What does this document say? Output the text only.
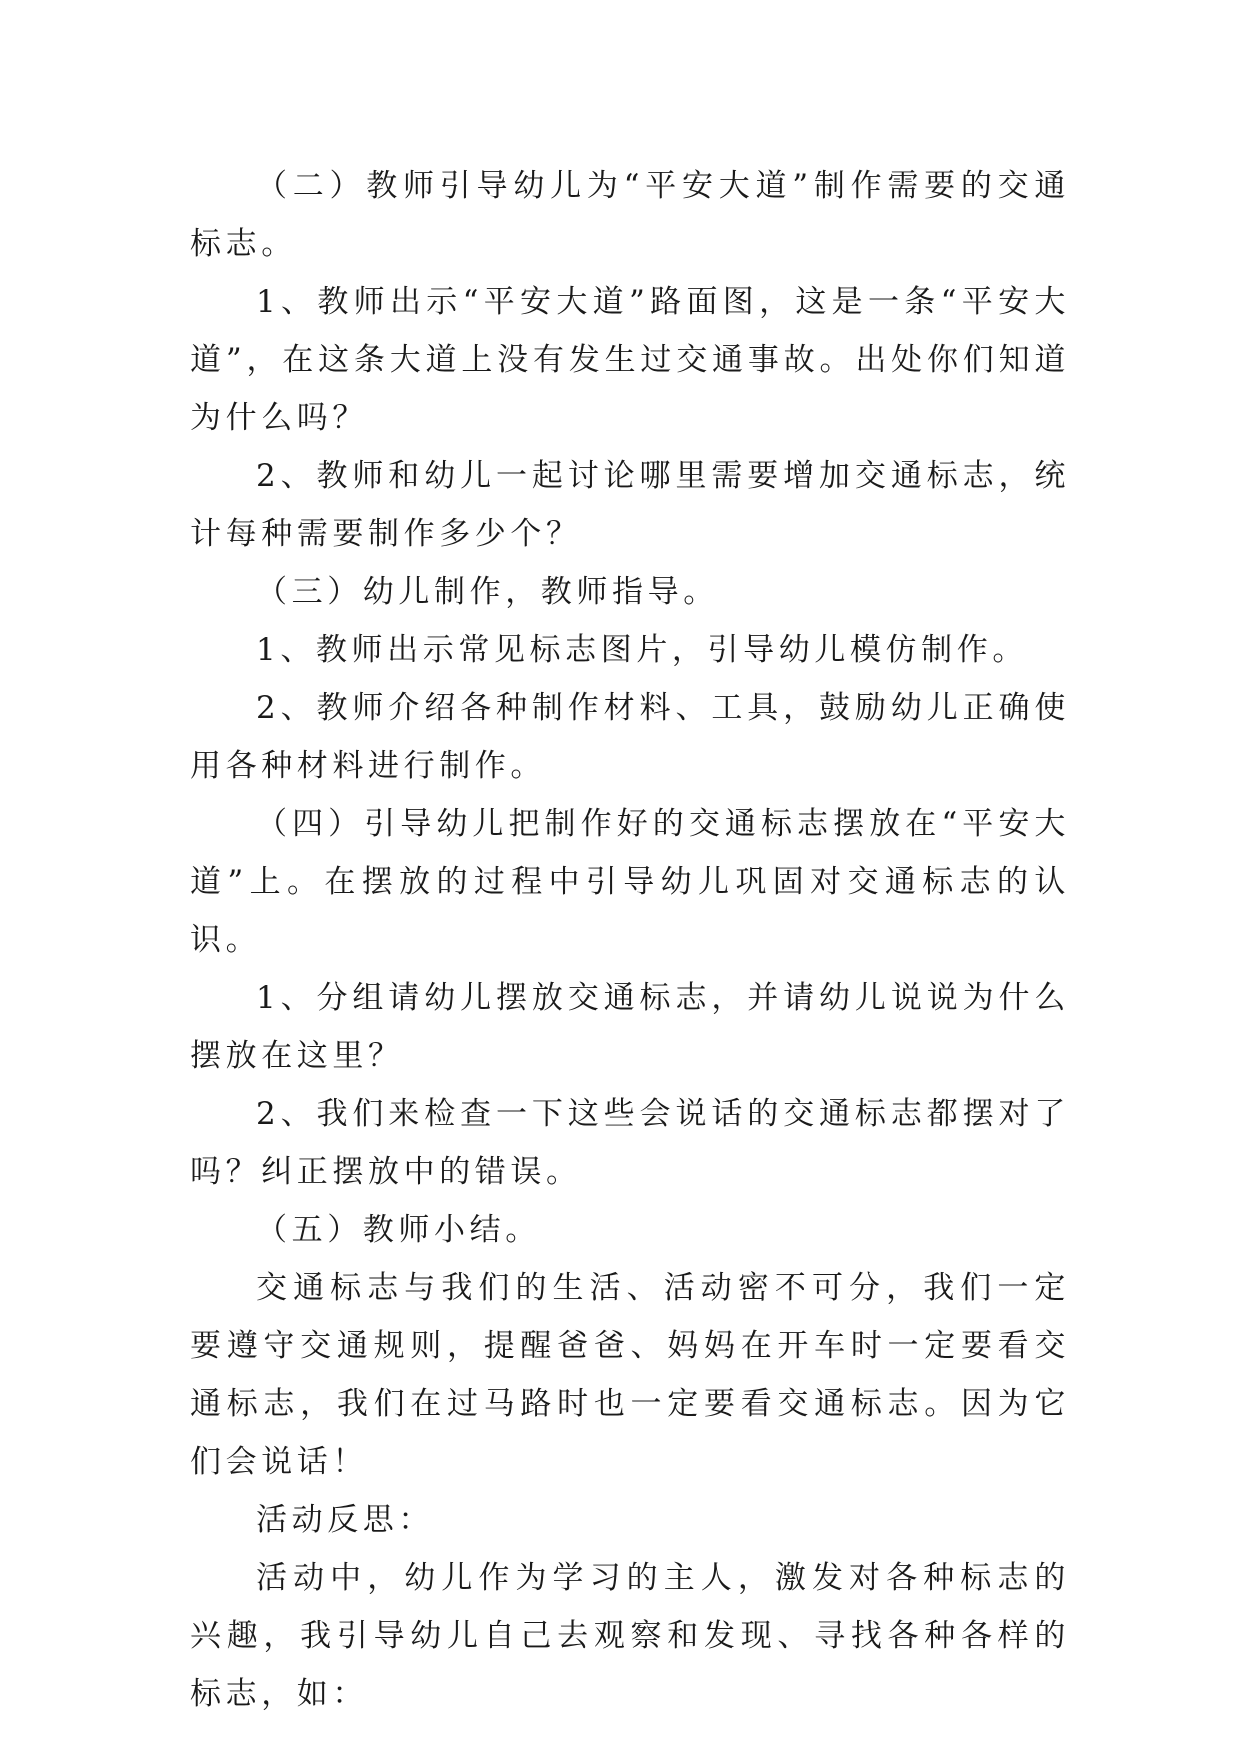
（二）教师引导幼儿为“平安大道”制作需要的交通标志。

1、教师出示“平安大道”路面图，这是一条“平安大道”，在这条大道上没有发生过交通事故。出处你们知道为什么吗？

2、教师和幼儿一起讨论哪里需要增加交通标志，统计每种需要制作多少个？

（三）幼儿制作，教师指导。

1、教师出示常见标志图片，引导幼儿模仿制作。

2、教师介绍各种制作材料、工具，鼓励幼儿正确使用各种材料进行制作。

（四）引导幼儿把制作好的交通标志摆放在“平安大道”上。在摆放的过程中引导幼儿巩固对交通标志的认识。

1、分组请幼儿摆放交通标志，并请幼儿说说为什么摆放在这里？

2、我们来检查一下这些会说话的交通标志都摆对了吗？纠正摆放中的错误。

（五）教师小结。

交通标志与我们的生活、活动密不可分，我们一定要遵守交通规则，提醒爸爸、妈妈在开车时一定要看交通标志，我们在过马路时也一定要看交通标志。因为它们会说话！

活动反思：

活动中，幼儿作为学习的主人，激发对各种标志的兴趣，我引导幼儿自己去观察和发现、寻找各种各样的标志，如：
